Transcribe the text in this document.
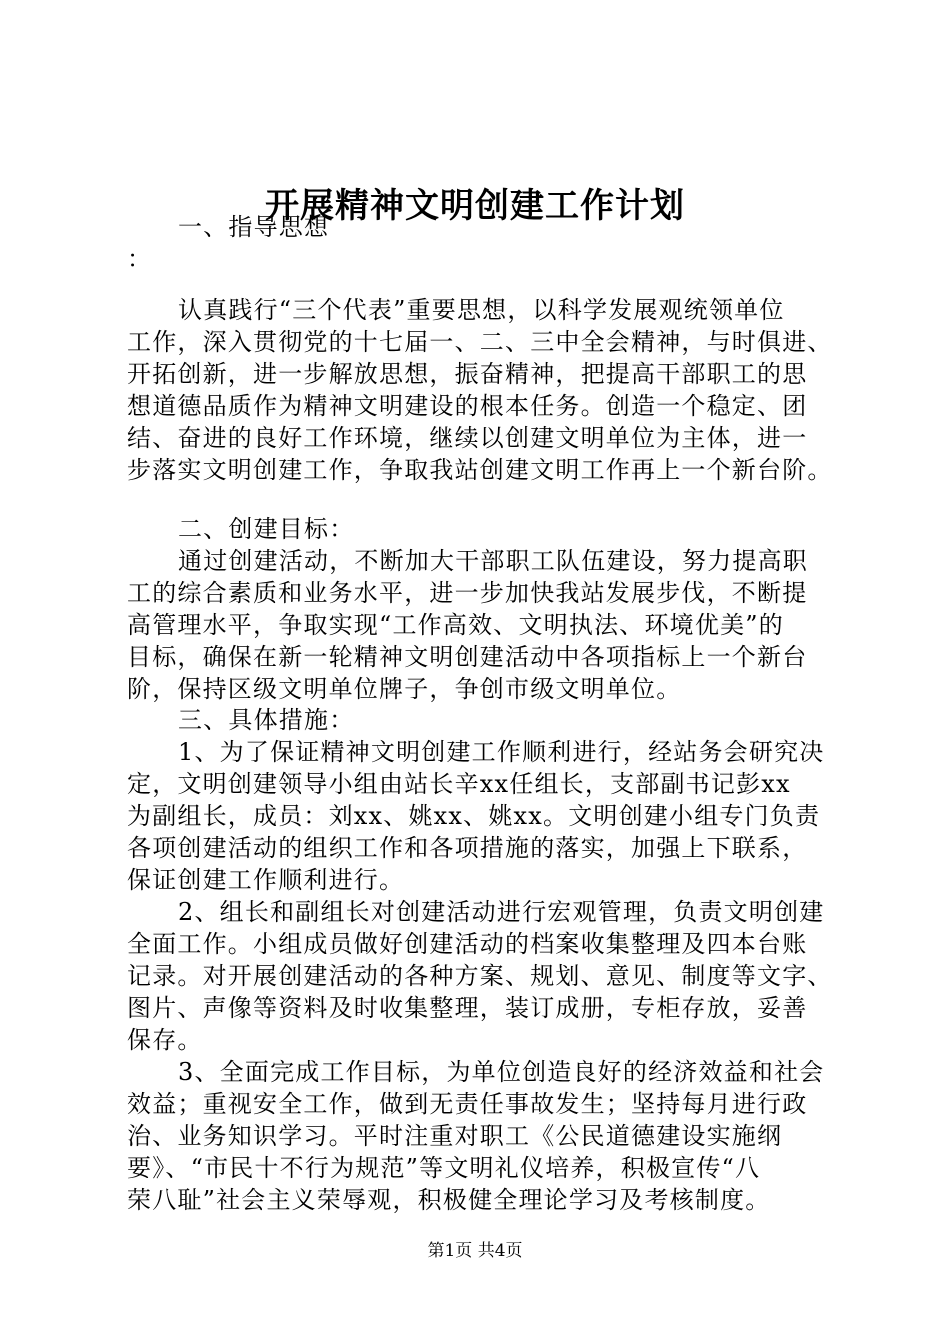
开展精神文明创建工作计划
一、指导思想
：
认真践行“三个代表”重要思想，以科学发展观统领单位
工作，深入贯彻党的十七届一、二、三中全会精神，与时俱进、
开拓创新，进一步解放思想，振奋精神，把提高干部职工的思
想道德品质作为精神文明建设的根本任务。创造一个稳定、团
结、奋进的良好工作环境，继续以创建文明单位为主体，进一
步落实文明创建工作，争取我站创建文明工作再上一个新台阶。
二、创建目标：
通过创建活动，不断加大干部职工队伍建设，努力提高职
工的综合素质和业务水平，进一步加快我站发展步伐，不断提
高管理水平，争取实现“工作高效、文明执法、环境优美”的
目标，确保在新一轮精神文明创建活动中各项指标上一个新台
阶，保持区级文明单位牌子，争创市级文明单位。
三、具体措施：
1、为了保证精神文明创建工作顺利进行，经站务会研究决
定，文明创建领导小组由站长辛xx任组长，支部副书记彭xx
为副组长，成员：刘xx、姚xx、姚xx。文明创建小组专门负责
各项创建活动的组织工作和各项措施的落实，加强上下联系，
保证创建工作顺利进行。
2、组长和副组长对创建活动进行宏观管理，负责文明创建
全面工作。小组成员做好创建活动的档案收集整理及四本台账
记录。对开展创建活动的各种方案、规划、意见、制度等文字、
图片、声像等资料及时收集整理，装订成册，专柜存放，妥善
保存。
3、全面完成工作目标，为单位创造良好的经济效益和社会
效益；重视安全工作，做到无责任事故发生；坚持每月进行政
治、业务知识学习。平时注重对职工《公民道德建设实施纲
要》、“市民十不行为规范”等文明礼仪培养，积极宣传“八
荣八耻”社会主义荣辱观，积极健全理论学习及考核制度。
第1页 共4页
